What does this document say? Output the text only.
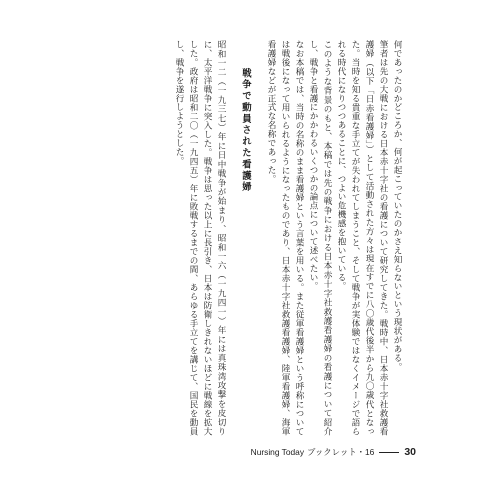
何であったのかどころか、何が起こっていたのかさえ知らないという現状がある。

筆者は先の大戦における日本赤十字社の看護について研究してきた。戦時中、日本赤十字社救護看護婦（以下「日赤看護婦」）として活動された方々は現在すでに八〇歳代後半から九〇歳代となった。当時を知る貴重な手立てが失われてしまうこと、そして戦争が実体験ではなくイメージで語られる時代になりつつあることに、つよい危機感を抱いている。

このような背景のもと、本稿では先の戦争における日本赤十字社救護看護婦の看護について紹介し、戦争と看護にかかわるいくつかの論点について述べたい。

なお本稿では、当時の名称のまま看護婦という言葉を用いる。また従軍看護婦という呼称については戦後になって用いられるようになったものであり、日本赤十字社救護看護婦、陸軍看護婦、海軍看護婦などが正式な名称であった。

戦争で動員された看護婦

昭和一二（一九三七）年に日中戦争が始まり、昭和一六（一九四一）年には真珠湾攻撃を皮切りに、太平洋戦争に突入した。戦争は思った以上に長引き、日本は防衛しきれないほどに戦線を拡大した。政府は昭和二〇（一九四五）年に敗戦するまでの間、あらゆる手立てを講じて、国民を動員し、戦争を遂行しようとした。

Nursing Today ブックレット・16	30
